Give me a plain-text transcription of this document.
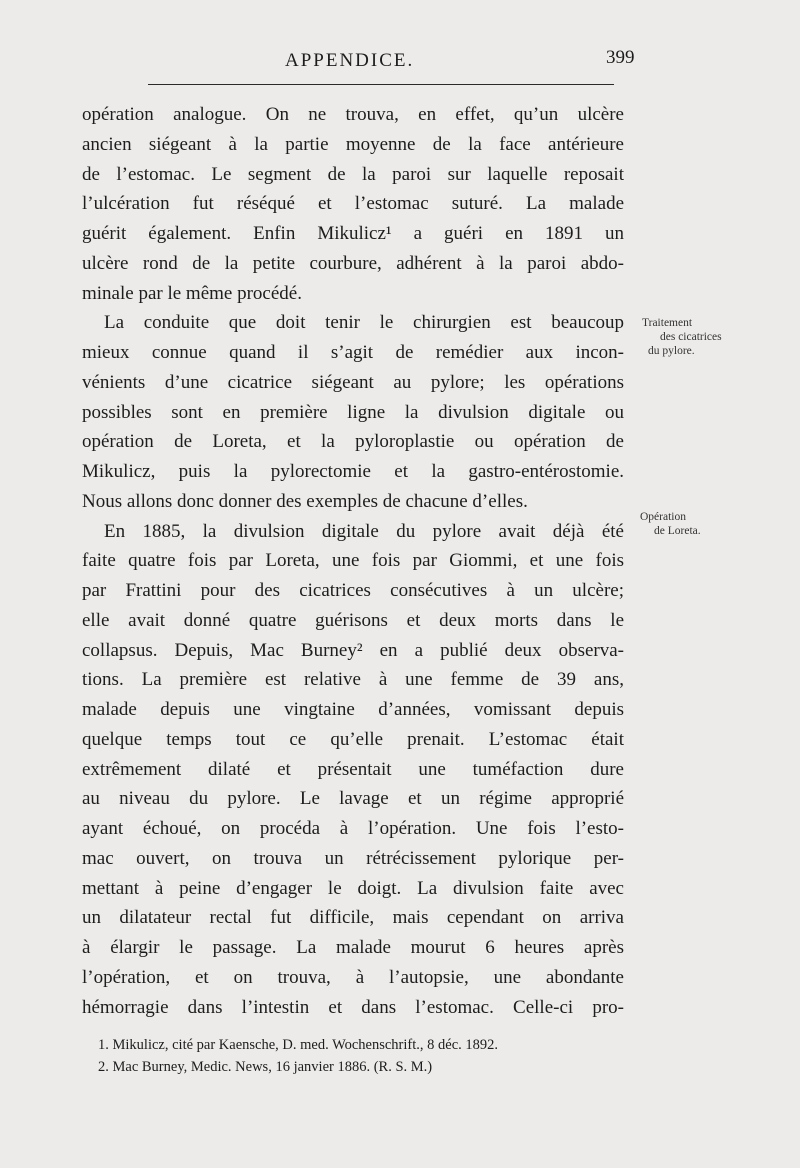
APPENDICE.	399
opération analogue. On ne trouva, en effet, qu’un ulcère
ancien siégeant à la partie moyenne de la face antérieure
de l’estomac. Le segment de la paroi sur laquelle reposait
l’ulcération fut réséqué et l’estomac suturé. La malade
guérit également. Enfin Mikulicz¹ a guéri en 1891 un
ulcère rond de la petite courbure, adhérent à la paroi abdo-
minale par le même procédé.
La conduite que doit tenir le chirurgien est beaucoup
mieux connue quand il s’agit de remédier aux incon-
vénients d’une cicatrice siégeant au pylore; les opérations
possibles sont en première ligne la divulsion digitale ou
opération de Loreta, et la pyloroplastie ou opération de
Mikulicz, puis la pylorectomie et la gastro-entérostomie.
Nous allons donc donner des exemples de chacune d’elles.
En 1885, la divulsion digitale du pylore avait déjà été
faite quatre fois par Loreta, une fois par Giommi, et une fois
par Frattini pour des cicatrices consécutives à un ulcère;
elle avait donné quatre guérisons et deux morts dans le
collapsus. Depuis, Mac Burney² en a publié deux observa-
tions. La première est relative à une femme de 39 ans,
malade depuis une vingtaine d’années, vomissant depuis
quelque temps tout ce qu’elle prenait. L’estomac était
extrêmement dilaté et présentait une tuméfaction dure
au niveau du pylore. Le lavage et un régime approprié
ayant échoué, on procéda à l’opération. Une fois l’esto-
mac ouvert, on trouva un rétrécissement pylorique per-
mettant à peine d’engager le doigt. La divulsion faite avec
un dilatateur rectal fut difficile, mais cependant on arriva
à élargir le passage. La malade mourut 6 heures après
l’opération, et on trouva, à l’autopsie, une abondante
hémorragie dans l’intestin et dans l’estomac. Celle-ci pro-
Traitement
des cicatrices
du pylore.
Opération
de Loreta.
1. Mikulicz, cité par Kaensche, D. med. Wochenschrift., 8 déc. 1892.
2. Mac Burney, Medic. News, 16 janvier 1886. (R. S. M.)
